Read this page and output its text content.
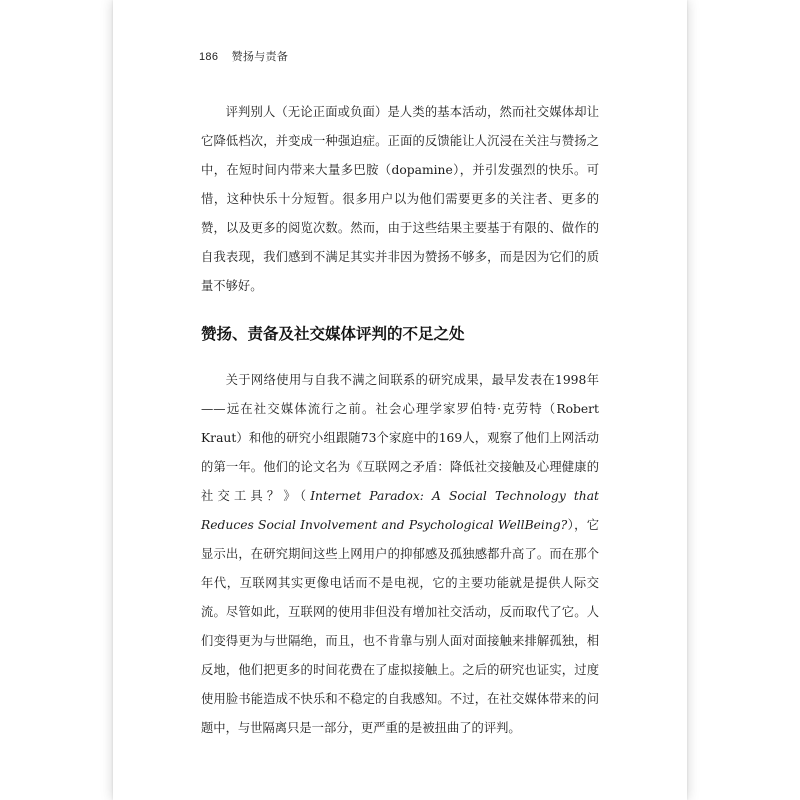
186 赞扬与责备

评判别人（无论正面或负面）是人类的基本活动，然而社交媒体却让它降低档次，并变成一种强迫症。正面的反馈能让人沉浸在关注与赞扬之中，在短时间内带来大量多巴胺（dopamine），并引发强烈的快乐。可惜，这种快乐十分短暂。很多用户以为他们需要更多的关注者、更多的赞，以及更多的阅览次数。然而，由于这些结果主要基于有限的、做作的自我表现，我们感到不满足其实并非因为赞扬不够多，而是因为它们的质量不够好。

赞扬、责备及社交媒体评判的不足之处

关于网络使用与自我不满之间联系的研究成果，最早发表在1998年——远在社交媒体流行之前。社会心理学家罗伯特·克劳特（Robert Kraut）和他的研究小组跟随73个家庭中的169人，观察了他们上网活动的第一年。他们的论文名为《互联网之矛盾：降低社交接触及心理健康的社交工具？》（Internet Paradox: A Social Technology that Reduces Social Involvement and Psychological WellBeing?），它显示出，在研究期间这些上网用户的抑郁感及孤独感都升高了。而在那个年代，互联网其实更像电话而不是电视，它的主要功能就是提供人际交流。尽管如此，互联网的使用非但没有增加社交活动，反而取代了它。人们变得更为与世隔绝，而且，也不肯靠与别人面对面接触来排解孤独，相反地，他们把更多的时间花费在了虚拟接触上。之后的研究也证实，过度使用脸书能造成不快乐和不稳定的自我感知。不过，在社交媒体带来的问题中，与世隔离只是一部分，更严重的是被扭曲了的评判。
